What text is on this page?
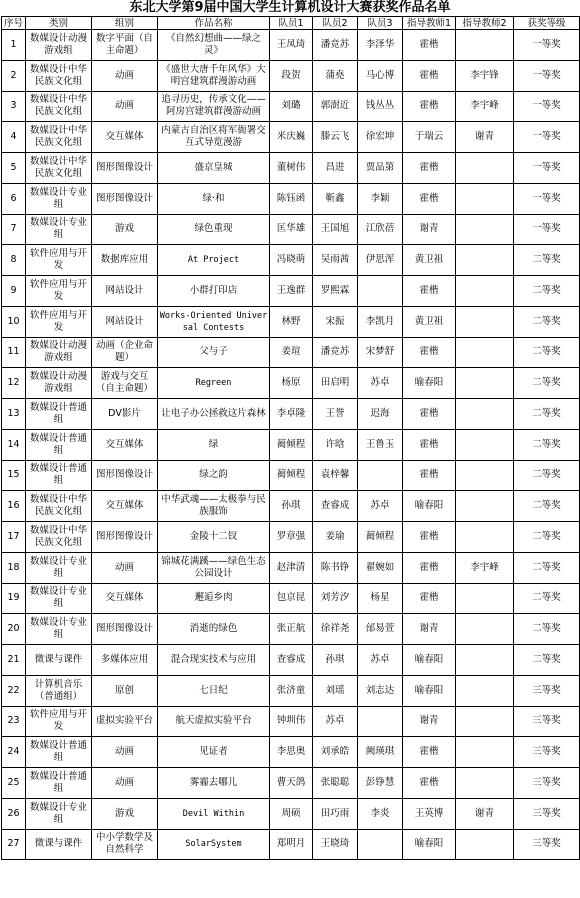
东北大学第9届中国大学生计算机设计大赛获奖作品名单
序号	类别	组别	作品名称	队员1	队员2	队员3	指导教师1	指导教师2	获奖等级
1	数媒设计动漫游戏组	数字平面（自主命题）	《自然幻想曲——绿之灵》	王凤琦	潘竞苏	李泽华	霍楷		一等奖
2	数媒设计中华民族文化组	动画	《盛世大唐千年风华》大明宫建筑群漫游动画	段贺	蒲堯	马心博	霍楷	李宇锋	一等奖
3	数媒设计中华民族文化组	动画	追寻历史，传承文化——阿房宫建筑群漫游动画	刘璐	郭澍近	钱丛丛	霍楷	李宇峰	一等奖
4	数媒设计中华民族文化组	交互媒体	内蒙古自治区将军衙署交互式导览漫游	米庆巍	滕云飞	徐宏坤	于瑞云	谢青	一等奖
5	数媒设计中华民族文化组	图形图像设计	盛京皇城	董树伟	昌进	贾品第	霍楷		一等奖
6	数媒设计专业组	图形图像设计	绿·和	陈钰函	靳鑫	李颖	霍楷		一等奖
7	数媒设计专业组	游戏	绿色重现	匡华雄	王国旭	江欣蓓	谢青		一等奖
8	软件应用与开发	数据库应用	At Project	冯晓萌	吴雨茜	伊思浑	黄卫祖		二等奖
9	软件应用与开发	网站设计	小群打印店	王逸群	罗熙霖		霍楷		二等奖
10	软件应用与开发	网站设计	Works-Oriented Universal Contests	林野	宋振	李凯月	黄卫祖		二等奖
11	数媒设计动漫游戏组	动画（企业命题）	父与子	姜瑄	潘竞苏	宋梦舒	霍楷		二等奖
12	数媒设计动漫游戏组	游戏与交互（自主命题）	Regreen	杨原	田启明	苏卓	喻春阳		二等奖
13	数媒设计普通组	DV影片	让电子办公拯救这片森林	李卓隆	王誉	迟海	霍楷		二等奖
14	数媒设计普通组	交互媒体	绿	蔺倾程	许晗	王鲁玉	霍楷		二等奖
15	数媒设计普通组	图形图像设计	绿之韵	蔺倾程	袁梓馨		霍楷		二等奖
16	数媒设计中华民族文化组	交互媒体	中华武魂——太极拳与民族服饰	孙琪	查睿成	苏卓	喻春阳		二等奖
17	数媒设计中华民族文化组	图形图像设计	金陵十二钗	罗章强	姜瑜	蔺倾程	霍楷		二等奖
18	数媒设计专业组	动画	锦城花满蹊——绿色生态公园设计	赵津清	陈书铮	翟婉如	霍楷	李宇峰	二等奖
19	数媒设计专业组	交互媒体	邂逅乡肉	包京昆	刘芳汐	杨星	霍楷		二等奖
20	数媒设计专业组	图形图像设计	消逝的绿色	张正航	徐祥尧	邰易萱	谢青		二等奖
21	微课与课件	多媒体应用	混合现实技术与应用	查睿成	孙琪	苏卓	喻春阳		二等奖
22	计算机音乐（普通组）	原创	七日纪	张济童	刘瑶	刘志达	喻春阳		三等奖
23	软件应用与开发	虚拟实验平台	航天虚拟实验平台	钟圳伟	苏卓		谢青		三等奖
24	数媒设计普通组	动画	见证者	李思奥	刘承皓	阙瑛琪	霍楷		三等奖
25	数媒设计普通组	动画	雾霾去哪儿	曹天鸽	张聪聪	彭铮慧	霍楷		三等奖
26	数媒设计专业组	游戏	Devil Within	周硕	田巧雨	李炎	王英博	谢青	三等奖
27	微课与课件	中小学数学及自然科学	SolarSystem	郑明月	王晓琦		喻春阳		三等奖
